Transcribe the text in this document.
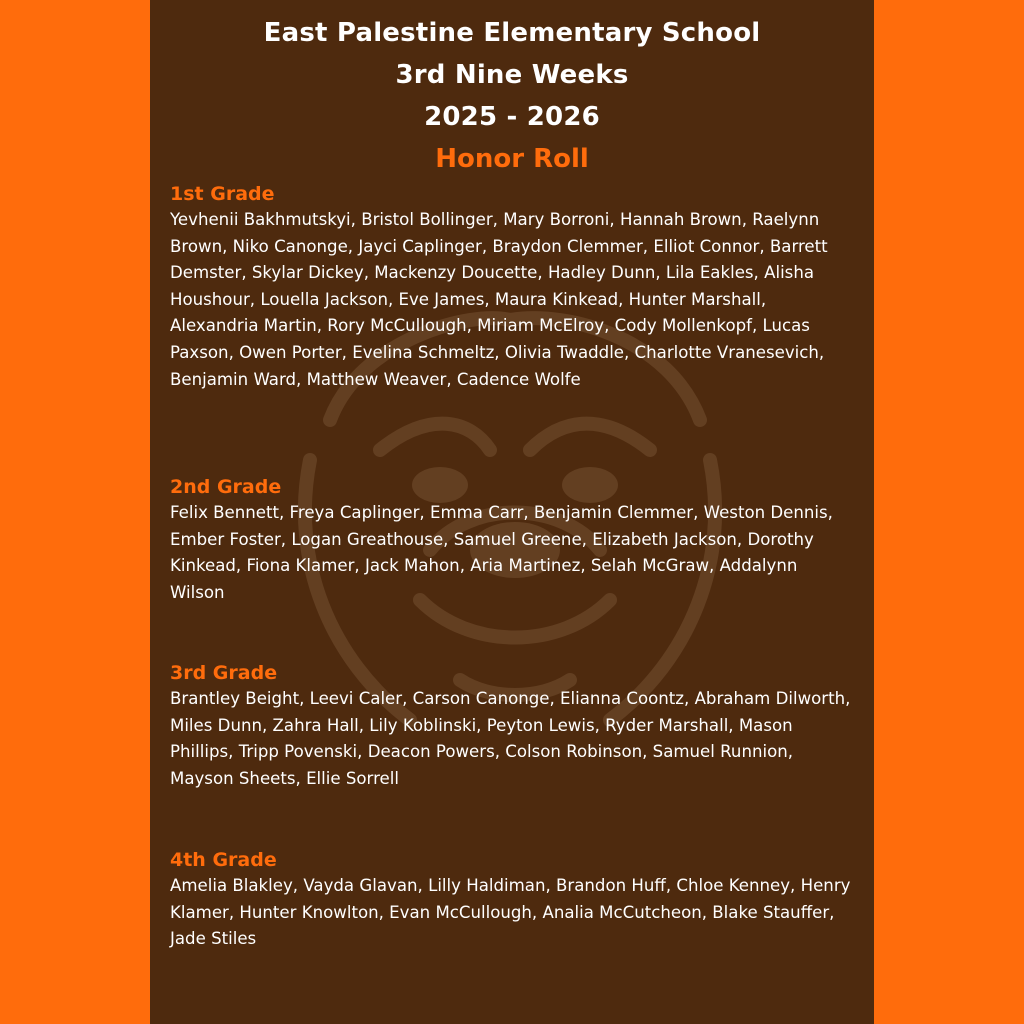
East Palestine Elementary School
3rd Nine Weeks
2025 - 2026
Honor Roll
1st Grade

Yevhenii Bakhmutskyi, Bristol Bollinger, Mary Borroni, Hannah Brown, Raelynn Brown, Niko Canonge, Jayci Caplinger, Braydon Clemmer, Elliot Connor, Barrett Demster, Skylar Dickey, Mackenzy Doucette, Hadley Dunn, Lila Eakles, Alisha Houshour, Louella Jackson, Eve James, Maura Kinkead, Hunter Marshall, Alexandria Martin, Rory McCullough, Miriam McElroy, Cody Mollenkopf, Lucas Paxson, Owen Porter, Evelina Schmeltz, Olivia Twaddle, Charlotte Vranesevich, Benjamin Ward, Matthew Weaver, Cadence Wolfe

2nd Grade

Felix Bennett, Freya Caplinger, Emma Carr, Benjamin Clemmer, Weston Dennis, Ember Foster, Logan Greathouse, Samuel Greene, Elizabeth Jackson, Dorothy Kinkead, Fiona Klamer, Jack Mahon, Aria Martinez, Selah McGraw, Addalynn Wilson

3rd Grade

Brantley Beight, Leevi Caler, Carson Canonge, Elianna Coontz, Abraham Dilworth, Miles Dunn, Zahra Hall, Lily Koblinski, Peyton Lewis, Ryder Marshall, Mason Phillips, Tripp Povenski, Deacon Powers, Colson Robinson, Samuel Runnion, Mayson Sheets, Ellie Sorrell

4th Grade

Amelia Blakley, Vayda Glavan, Lilly Haldiman, Brandon Huff, Chloe Kenney, Henry Klamer, Hunter Knowlton, Evan McCullough, Analia McCutcheon, Blake Stauffer, Jade Stiles
